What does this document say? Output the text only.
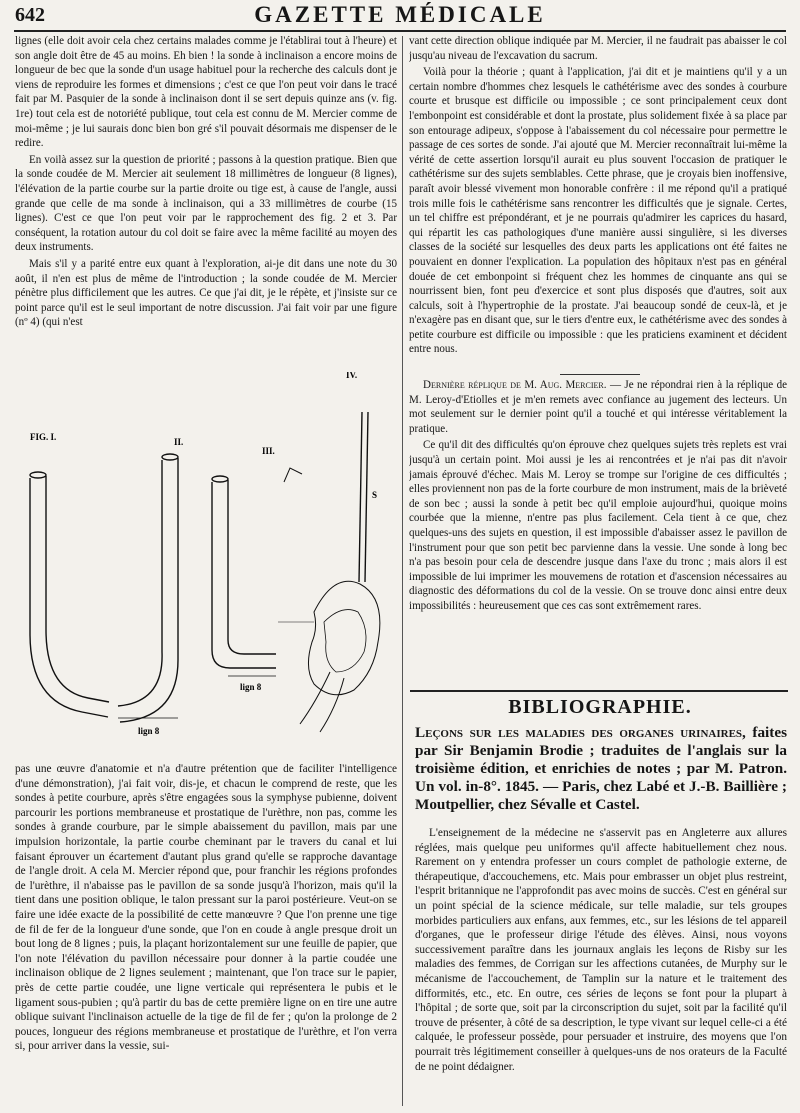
642	GAZETTE MÉDICALE

lignes (elle doit avoir cela chez certains malades comme je l'établirai tout à l'heure) et son angle doit être de 45 au moins. Eh bien ! la sonde à inclinaison a encore moins de longueur de bec que la sonde d'un usage habituel pour la recherche des calculs dont je viens de reproduire les formes et dimensions ; c'est ce que l'on peut voir dans le tracé fait par M. Pasquier de la sonde à inclinaison dont il se sert depuis quinze ans (v. fig. 1re) tout cela est de notoriété publique, tout cela est connu de M. Mercier comme de moi-même ; je lui saurais donc bien bon gré s'il pouvait désormais me dispenser de le redire.

En voilà assez sur la question de priorité ; passons à la question pratique. Bien que la sonde coudée de M. Mercier ait seulement 18 millimètres de longueur (8 lignes), l'élévation de la partie courbe sur la partie droite ou tige est, à cause de l'angle, aussi grande que celle de ma sonde à inclinaison, qui a 33 millimètres de courbe (15 lignes). C'est ce que l'on peut voir par le rapprochement des fig. 2 et 3. Par conséquent, la rotation autour du col doit se faire avec la même facilité au moyen des deux instruments.

Mais s'il y a parité entre eux quant à l'exploration, ai-je dit dans une note du 30 août, il n'en est plus de même de l'introduction ; la sonde coudée de M. Mercier pénètre plus difficilement que les autres. Ce que j'ai dit, je le répète, et j'insiste sur ce point parce qu'il est le seul important de notre discussion. J'ai fait voir par une figure (nº 4) (qui n'est

FIG. I.	II.
III.
IV.
lign 8
lign 8
S

pas une œuvre d'anatomie et n'a d'autre prétention que de faciliter l'intelligence d'une démonstration), j'ai fait voir, dis-je, et chacun le comprend de reste, que les sondes à petite courbure, après s'être engagées sous la symphyse pubienne, doivent parcourir les portions membraneuse et prostatique de l'urèthre, non pas, comme les sondes à grande courbure, par le simple abaissement du pavillon, mais par une impulsion horizontale, la partie courbe cheminant par le travers du canal et lui faisant éprouver un écartement d'autant plus grand qu'elle se rapproche davantage de l'angle droit. A cela M. Mercier répond que, pour franchir les régions profondes de l'urèthre, il n'abaisse pas le pavillon de sa sonde jusqu'à l'horizon, mais qu'il la tient dans une position oblique, le talon pressant sur la paroi postérieure. Veut-on se faire une idée exacte de la possibilité de cette manœuvre ? Que l'on prenne une tige de fil de fer de la longueur d'une sonde, que l'on en coude à angle presque droit un bout long de 8 lignes ; puis, la plaçant horizontalement sur une feuille de papier, que l'on note l'élévation du pavillon nécessaire pour donner à la partie coudée une inclinaison oblique de 2 lignes seulement ; maintenant, que l'on trace sur le papier, près de cette partie coudée, une ligne verticale qui représentera le pubis et le ligament sous-pubien ; qu'à partir du bas de cette première ligne on en tire une autre oblique suivant l'inclinaison actuelle de la tige de fil de fer ; qu'on la prolonge de 2 pouces, longueur des régions membraneuse et prostatique de l'urèthre, et l'on verra si, pour arriver dans la vessie, sui-

vant cette direction oblique indiquée par M. Mercier, il ne faudrait pas abaisser le col jusqu'au niveau de l'excavation du sacrum.

Voilà pour la théorie ; quant à l'application, j'ai dit et je maintiens qu'il y a un certain nombre d'hommes chez lesquels le cathétérisme avec des sondes à courbure courte et brusque est difficile ou impossible ; ce sont principalement ceux dont l'embonpoint est considérable et dont la prostate, plus solidement fixée à sa place par son entourage adipeux, s'oppose à l'abaissement du col nécessaire pour permettre le passage de ces sortes de sonde. J'ai ajouté que M. Mercier reconnaîtrait lui-même la vérité de cette assertion lorsqu'il aurait eu plus souvent l'occasion de pratiquer le cathétérisme sur des sujets semblables. Cette phrase, que je croyais bien inoffensive, paraît avoir blessé vivement mon honorable confrère : il me répond qu'il a pratiqué trois mille fois le cathétérisme sans rencontrer les difficultés que je signale. Certes, un tel chiffre est prépondérant, et je ne pourrais qu'admirer les caprices du hasard, qui répartit les cas pathologiques d'une manière aussi singulière, si les diverses classes de la société sur lesquelles des deux parts les applications ont été faites ne pouvaient en donner l'explication. La population des hôpitaux n'est pas en général douée de cet embonpoint si fréquent chez les hommes de cinquante ans qui se nourrissent bien, font peu d'exercice et sont plus disposés que d'autres, soit aux calculs, soit à l'hypertrophie de la prostate. J'ai beaucoup sondé de ceux-là, et je n'exagère pas en disant que, sur le tiers d'entre eux, le cathétérisme avec des sondes à petite courbure est difficile ou impossible : que les praticiens examinent et décident entre nous.

Dernière réplique de M. Aug. Mercier. — Je ne répondrai rien à la réplique de M. Leroy-d'Etiolles et je m'en remets avec confiance au jugement des lecteurs. Un mot seulement sur le dernier point qu'il a touché et qui intéresse véritablement la pratique.

Ce qu'il dit des difficultés qu'on éprouve chez quelques sujets très replets est vrai jusqu'à un certain point. Moi aussi je les ai rencontrées et je n'ai pas dit n'avoir jamais éprouvé d'échec. Mais M. Leroy se trompe sur l'origine de ces difficultés ; elles proviennent non pas de la forte courbure de mon instrument, mais de la brièveté de son bec ; aussi la sonde à petit bec qu'il emploie aujourd'hui, quoique moins courbée que la mienne, n'entre pas plus facilement. Cela tient à ce que, chez quelques-uns des sujets en question, il est impossible d'abaisser assez le pavillon de l'instrument pour que son petit bec parvienne dans la vessie. Une sonde à long bec n'a pas besoin pour cela de descendre jusque dans l'axe du tronc ; mais alors il est impossible de lui imprimer les mouvemens de rotation et d'ascension nécessaires au diagnostic des déformations du col de la vessie. On se trouve donc ainsi entre deux impossibilités : heureusement que ces cas sont extrêmement rares.

BIBLIOGRAPHIE.
Leçons sur les maladies des organes urinaires, faites par Sir Benjamin Brodie ; traduites de l'anglais sur la troisième édition, et enrichies de notes ; par M. Patron. Un vol. in-8°. 1845. — Paris, chez Labé et J.-B. Baillière ; Moutpellier, chez Sévalle et Castel.

L'enseignement de la médecine ne s'asservit pas en Angleterre aux allures réglées, mais quelque peu uniformes qu'il affecte habituellement chez nous. Rarement on y entendra professer un cours complet de pathologie externe, de thérapeutique, d'accouchemens, etc. Mais pour embrasser un objet plus restreint, l'esprit britannique ne l'approfondit pas avec moins de succès. C'est en général sur un point spécial de la science médicale, sur telle maladie, sur tels groupes morbides particuliers aux enfans, aux femmes, etc., sur les lésions de tel appareil d'organes, que le professeur dirige l'étude des élèves. Ainsi, nous voyons successivement paraître dans les journaux anglais les leçons de Risby sur les maladies des femmes, de Corrigan sur les affections cutanées, de Murphy sur le mécanisme de l'accouchement, de Tamplin sur la nature et le traitement des difformités, etc., etc. En outre, ces séries de leçons se font pour la plupart à l'hôpital ; de sorte que, soit par la circonscription du sujet, soit par la facilité qu'il trouve de présenter, à côté de sa description, le type vivant sur lequel celle-ci a été calquée, le professeur possède, pour persuader et instruire, des moyens que l'on pourrait très légitimement conseiller à quelques-uns de nos orateurs de la Faculté de ne point dédaigner.
